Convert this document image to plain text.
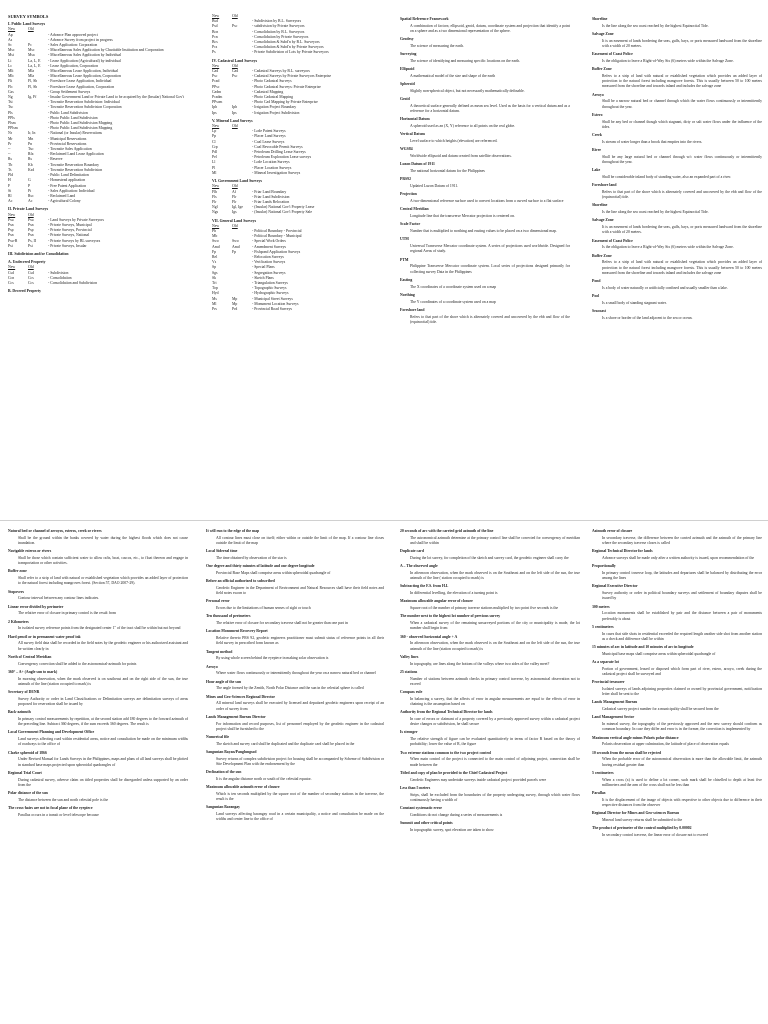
SURVEY SYMBOLS
I. Public Land Surveys
New	Old
Ap	- Advance Plan approved project
As	- Advance Survey from project in progress
Sc	Pc	- Sales Application: Corporation
Msc	Msc	- Miscellaneous Sales Application by Charitable Institution and Corporation
Msi	Msa	- Miscellaneous Sales Application by Individual
Li	La, L, E	- Lease Application (Agricultural) by individual
Lc	La, L, E	- Lease Application, Corporation
Mli	Mla	- Miscellaneous Lease Application, Individual
Mlc	Mla	- Miscellaneous Lease Application, Corporation
Fli	Fl, Sh	- Foreshore Lease Application, Individual
Flc	Fl, Sh	- Foreshore Lease Application, Corporation
Gss	- Group Settlement Surveys
Ng	Ig, Ff	- Insular Government Land or Private Land to be acquired by the (Insular) National Gov't
Tsi	- Townsite Reservation Subdivision: Individual
Tsc	- Townsite Reservation Subdivision Corporation
Pls	- Public Land Subdivision
PPls	- Photo Public Land Subdivision
Plsm	- Photo Public Land Subdivision Mapping
PPlsm	- Photo Public Land Subdivision Mapping
Nr	Ir, In	- National (or Insular) Reservations
Mr	Mn	- Municipal Reservations
Pr	Pn	- Provincial Reservations
--	Tso	- Townsite Sales Application
--	Rfa	- Reclaimed Land Lease Application
Rs	Rs	- Reserve
Tb	Kb	- Townsite Reservation Boundary
Ts	Ksd	- Townsite Reservation Subdivision
Pld	- Public Land Delimitation
H	G	- Homestead application
F	P	- Free Patent Application
Si	Pi	- Sales Application: Individual
Rl	Rsc	- Reclaimed Land
Ac	Ac	- Agricultural Colony
II. Private Land Surveys
New	Old
Psu	Psu	- Land Surveys by Private Surveyors
Psn	Psn	- Private Surveys, Municipal
Psp	Psp	- Private Surveys, Provincial
Psn	Psn	- Private Surveys, National
Psu-B	Ps, II	- Private Surveys by BL surveyors
Psi	Psi	- Private Surveys, Insular
III. Subdivision and/or Consolidation
A. Undecreed Property
New	Old
Csd	Csd	- Subdivision
Ccn	Ccs	- Consolidation
Ccs	Ccs	- Consolidation and Subdivision
B. Decreed Property
New	Old
Bsd	- Subdivision by B.L. Surveyors
Psd	Psc	- subdivision by Private Surveyors
Bcn	- Consolidation by B.L. Surveyors
Pcn	- Consolidation by Private Surveyors
Bcs	- Consolidation & Subd'n by B.L. Surveyors
Pcs	- Consolidation & Subd'n by Private Surveyors
Ps	- Private Subdivision of Lots by Private Surveyors
IV. Cadastral Land Surveys
New	Old
Cad	Cad	- Cadastral Surveys by B.L. surveyors
Psc	Psc	- Cadastral Surveys by Private Surveyors Enterprise
Pcad	- Photo Cadastral Surveys
PPsc	- Photo Cadastral Surveys: Private Enterprise
Cadm	- Cadastral Mapping
Pcadm	- Photo Cadastral Mapping
PPscm	- Photo Cad Mapping by Private Enterprise
Iph	Iph	- Irrigation Project Boundary
Ips	Ips	- Irrigation Project Subdivision
V. Mineral Land Surveys
New	Old
Lp	- Lode Patent Surveys
Pp	- Placer Land Surveys
Cl	- Coal Lease Surveys
Crp	- Coal Revocable Permit Surveys
Pdl	- Petroleum Drilling Lease Surveys
Pel	- Petroleum Exploration Lease surveys
Ll	- Lode Location Surveys
Pl	- Placer Location Surveys
Ml	- Mineral Investigation Surveys
VI. Government Land Surveys
New	Old
Flb	Af	- Friar Land Boundary
Fls	Flr	- Friar Land Subdivision
Flr	Flr	- Friar Lands Relocation
Ngl	Igl, Ige	- (Insular) National Gov't Property Lease
Ngs	Igs	- (Insular) National Gov't Property Sale
VII. General Land Surveys
New	Old
Pb	- Political Boundary - Provincial
Mb	- Political Boundary - Municipal
Swo	Swo	- Special Work Orders
Amd	Amd	- Amendment Surveys
Fp	Fp	- Fishpond Application Surveys
Rel	- Relocation Surveys
Vs	- Verification Surveys
Sp	- Special Plans
Sgs	- Segregation Surveys
Sk	- Sketch Plans
Tri	- Triangulation Surveys
Top	- Topographic Surveys
Hyd	- Hydrographic Surveys
Ms	Mp	- Municipal Street Surveys
Ml	Mp	- Monument Location Surveys
Prs	Prd	- Provincial Road Surveys

Spatial Reference Framework

A combination of factors; ellipsoid, geoid, datum, coordinate system and projection that identify a point on a sphere and as a two dimensional representation of the sphere.

Geodesy

The science of measuring the earth.

Surveying

The science of identifying and measuring specific locations on the earth.

Ellipsoid

A mathematical model of the size and shape of the earth

Spheroid

Slightly non-spherical object, but not necessarily mathematically definable.

Geoid

A theoretical surface generally defined as mean sea level. Used as the basis for a vertical datum and as a reference for a horizontal datum.

Horizontal Datum

A spheroid used as an (X, Y) reference to all points on the real globe.

Vertical Datum

Level surface to which heights (elevation) are referenced.

WGS84

Worldwide ellipsoid and datum created from satellite observations.

Luzon Datum of 1911

The national horizontal datum for the Philippines

PRS92

Updated Luzon Datum of 1911.

Projection

A two-dimensional reference surface used to convert locations from a curved surface to a flat surface

Central Meridian

Longitude line that the transverse Mercator projection is centered on.

Scale Factor

Number that is multiplied to northing and easting values to be placed on a two dimensional map.

UTM

Universal Transverse Mercator coordinate system. A series of projections used worldwide. Designed for regional Areas of study.

PTM

Philippine Transverse Mercator coordinate system. Local series of projections designed primarily for collecting survey Data in the Philippines

Easting

The X coordinates of a coordinate system used on a map

Northing

The Y coordinates of a coordinate system used on a map

Foreshore land

Refers to that part of the shore which is alternately covered and uncovered by the ebb and flow of the (equinoctial) tide.

Shoreline

Is the line along the sea coast reached by the highest Equinoctial Tide.

Salvage Zone

It is an easement of lands bordering the seas, gulfs, bays, or ports measured landward from the shoreline with a width of 20 meters.

Easement of Coast Police

Is the obligation to leave a Right-of-Way Six (6) meters wide within the Salvage Zone.

Buffer Zone

Refers to a strip of land with natural or established vegetation which provides an added layer of protection to the natural forest including mangrove forests. This is usually between 50 to 100 meters measured from the shoreline and towards inland and includes the salvage zone

Arroyo

Shall be a narrow natural bed or channel through which the water flows continuously or intermittently throughout the year.

Estero

Shall be any bed or channel though which stagnant, dirty or salt water flows under the influence of the tides.

Creek

Is stream of water longer than a brook that empties into the rivers.

River

Shall be any large natural bed or channel through w/c water flows continuously or intermittently throughout the year.

Lake

Shall be considerable inland body of standing water, also an expanded part of a river.

Foreshore land

Refers to that part of the shore which is alternately covered and uncovered by the ebb and flow of the (equinoctial) tide.

Shoreline

Is the line along the sea coast reached by the highest Equinoctial Tide.

Salvage Zone

It is an easement of lands bordering the seas, gulfs, bays, or ports measured landward from the shoreline with a width of 20 meters.

Easement of Coast Police

Is the obligation to leave a Right-of-Way Six (6) meters wide within the Salvage Zone.

Buffer Zone

Refers to a strip of land with natural or established vegetation which provides an added layer of protection to the natural forest including mangrove forests. This is usually between 50 to 100 meters measured from the shoreline and towards inland and includes the salvage zone

Pond

Is a body of water naturally or artificially confined and usually smaller than a lake.

Pool

Is a small body of standing stagnant water.

Seacoast

Is a shore or border of the land adjacent to the sea or ocean.

Natural bed or channel of arroyos, esteros, creek or rivers

Shall be the ground within the banks covered by water during the highest floods which does not cause inundation.

Navigable esteros or rivers

Shall be those which contain sufficient water to allow rafts, boat, cascos, etc., to float thereon and engage in transportation or other activities.

Buffer zone

Shall refer to a strip of land with natural or established vegetation which provides an added layer of protection to the natural forest including mangroves forest. (Section 57, DAO 2007-29).

Stopovers

Contour interval between any contour lines indicates.

Linear error divided by perimeter

The relative error of closure in primary control is the result from

2 Kilometers

In isolated survey reference points from the designated center 1" of the tract shall be within but not beyond

Hard pencil or in permanent water proof ink

All survey field data shall be recorded in the field notes by the geodetic engineer or his authorized assistant and be written clearly in

North of Central Meridian

Convergency correction shall be added to the astronomical-azimuth for points

360° – A+ (Angle sun to mark)

In morning observation, when the mark observed is on southeast and on the right side of the sun, the true azimuth of the line (station occupied to mark) is

Secretary of DENR

Survey Authority or order in Land Classifications or Delimitation surveys are delimitation surveys of areas proposed for reservation shall be issued by

Back-azimuth

In primary control measurements by repetition, at the second station add 180 degrees to the forward azimuth of the preceding line. Subtract 360 degrees, if the sum exceeds 360 degrees. The result is

Local Government Planning and Development Office

Land surveys affecting road within residential areas, notice and consultation be made on the minimum widths of roadways to the office of

Clarke spheroid of 1866

Under Revised Manual for Lands Surveys in the Philippines, maps and plans of all land surveys shall be plotted in standard base maps projected upon spheroidal quadrangles of

Regional Trial Court

During cadastral survey, adverse claim on titled properties shall be disregarded unless supported by an order from the

Polar distance of the sun

The distance between the sun and north celestial pole is the

The cross-hairs are not in focal plane of the eyepiece

Parallax occurs in a transit or level telescope because

It will run to the edge of the map

All contour lines must close on itself; either within or outside the limit of the map. If a contour line closes outside the limit of the map

Local Sidereal time

The time obtained by observation of the star is

One degree and thirty minutes of latitude and one degree longitude

Provincial Base Maps shall comprise areas within spheroidal quadrangle of

Before an official authorized to subscribed

Geodetic Engineer in the Department of Environment and Natural Resources shall have their field notes and field notes sworn to

Personal error

Errors due to the limitations of human senses of sight or touch

Ten thousand of perimeters

The relative error of closure for secondary traverse shall not be greater than one part in

Location Monument Recovery Report

Relative thereto PRS 92, geodetic engineers practitioner must submit status of reference points in all their field survey in prescribed form known as

Tangent method

By using whole screen behind the eyepiece in making solar observation is

Arroyo

Where water flows continuously or intermittently throughout the year on a narrow natural bed or channel

Hour angle of the sun

The angle formed by the Zenith, North Polar Distance and the sun in the celestial sphere is called

Mines and Geo-Sciences Regional Director

All mineral land surveys shall be executed by licensed and deputized geodetic engineers upon receipt of an order of survey from

Lands Management Bureau Director

For information and record purposes, list of personnel employed by the geodetic engineer in the cadastral project shall be furnished to the

Numerical file

The sketch and survey card shall be duplicated and the duplicate card shall be placed in the

Sangunian Bayan/Panglungsod

Survey returns of complex subdivision project for housing shall be accompanied by Scheme of Subdivision or Site Development Plan with the endorsement by the

Declination of the sun

It is the angular distance north or south of the celestial equator.

Maximum allowable azimuth error of closure

Which is ten seconds multiplied by the square root of the number of secondary stations in the traverse, the result is the

Sangunian Barangay

Land surveys affecting barangay road in a certain municipality, a notice and consultation be made on the widths and center line to the office of

20 seconds of arc with the carried grid azimuth of the line

The astronomical azimuth determine at the primary control line shall be corrected for convergency of meridian and shall be within

Duplicate card

During the lot survey, for completion of the sketch and survey card, the geodetic engineer shall carry the

A – The observed angle

In afternoon observation, when the mark observed is on the Southeast and on the left side of the sun, the true azimuth of the line ( station occupied to mark) is

Subtracting the F.S. from H.I.

In differential levelling, the elevation of a turning point is

Maximum allowable angular error of closure

Square root of the number of primary traverse stations multiplied by two point five seconds is the

The number next to the highest lot number of previous survey

When a cadastral survey of the remaining unsurveyed portions of the city or municipality is made, the lot number shall begin from

360 - observed horizontal angle + A

In afternoon observation, when the mark observed is on the Southeast and on the left side of the sun, the true azimuth of the line (station occupied to mark) is

Valley lines

In topography, are lines along the bottom of the valleys where two sides of the valley meet?

25 stations

Number of stations between azimuth checks in primary control traverse, by astronomical observation not to exceed

Compass rule

In balancing a survey, that the affects of error in angular measurements are equal to the effects of error in chaining is the assumption based on

Authority from the Regional Technical Director for lands

In case of errors or claimant of a property covered by a previously approved survey within a cadastral project desire changes or subdivision, he shall secure

Is stronger

The relative strength of figure can be evaluated quantitatively in terms of factor R based on the theory of probability; lower the value of R, the figure

Two extreme stations common to the two project control

When main control of the project is connected to the main control of adjoining project, connection shall be made between the

Titled and copy of plan be provided to the Chief Cadastral Project

Geodetic Engineers may undertake surveys inside cadastral project provided parcels were

Less than 5 meters

Strips, shall be excluded from the boundaries of the property undergoing survey, through which water flows continuously having a width of

Constant systematic error

Conditions do not change during a series of measurements is

Summit and other critical points

In topographic survey, spot elevation are taken to show

Azimuth error of closure

In secondary traverse, the difference between the carried azimuth and the azimuth of the primary line where the secondary traverse closes is called

Regional Technical Director for lands

Advance surveys shall be made only after a written authority is issued, upon recommendation of the

Proportionally

In primary control traverse loop, the latitudes and departures shall be balanced by distributing the error among the lines

Regional Executive Director

Survey authority or order in political boundary surveys and settlement of boundary disputes shall be issued by

300 meters

Location monuments shall be established by pair and the distance between a pair of monuments preferably is about

5 centimeters

In cases that side shots in residential exceeded the required length another side shot from another station as a check and difference shall be within

15 minutes of arc in latitude and 10 minutes of arc in longitude

Municipal base maps shall comprise areas within spheroidal quadrangle of

As a separate lot

Portion of government, leased or disposed which form part of river, estero, arroyo, creek during the cadastral project shall be surveyed and

Provincial treasurer

Isolated surveys of lands adjoining properties claimed or owned by provincial government, notification letter shall be sent to the

Lands Management Bureau

Cadastral survey project number for a municipality shall be secured from the

Land Management Sector

In mineral survey, the topography of the previously approved and the new survey should conform as common boundary. In case they differ and error is in the former, the correction is implemented by

Maximum vertical angle minus Polaris polar distance

Polaris observation at upper culmination, the latitude of place of observation equals

10 seconds from the mean shall be rejected

When the probable error of the astronomical observation is more than the allowable limit, the azimuth having residual greater than

5 centimeters

When a cross (x) is used to define a lot corner, such mark shall be chiselled to depth at least five millimeters and the arm of the cross shall not be less than

Parallax

It is the displacement of the image of objects with respective to other objects due to difference in their respective distances from the observer

Regional Director for Mines and Geo-sciences Bureau

Mineral land survey returns shall be submitted to the

The product of perimeter of the control multiplied by 0.00002

In secondary control traverse, the linear error of closure not to exceed
